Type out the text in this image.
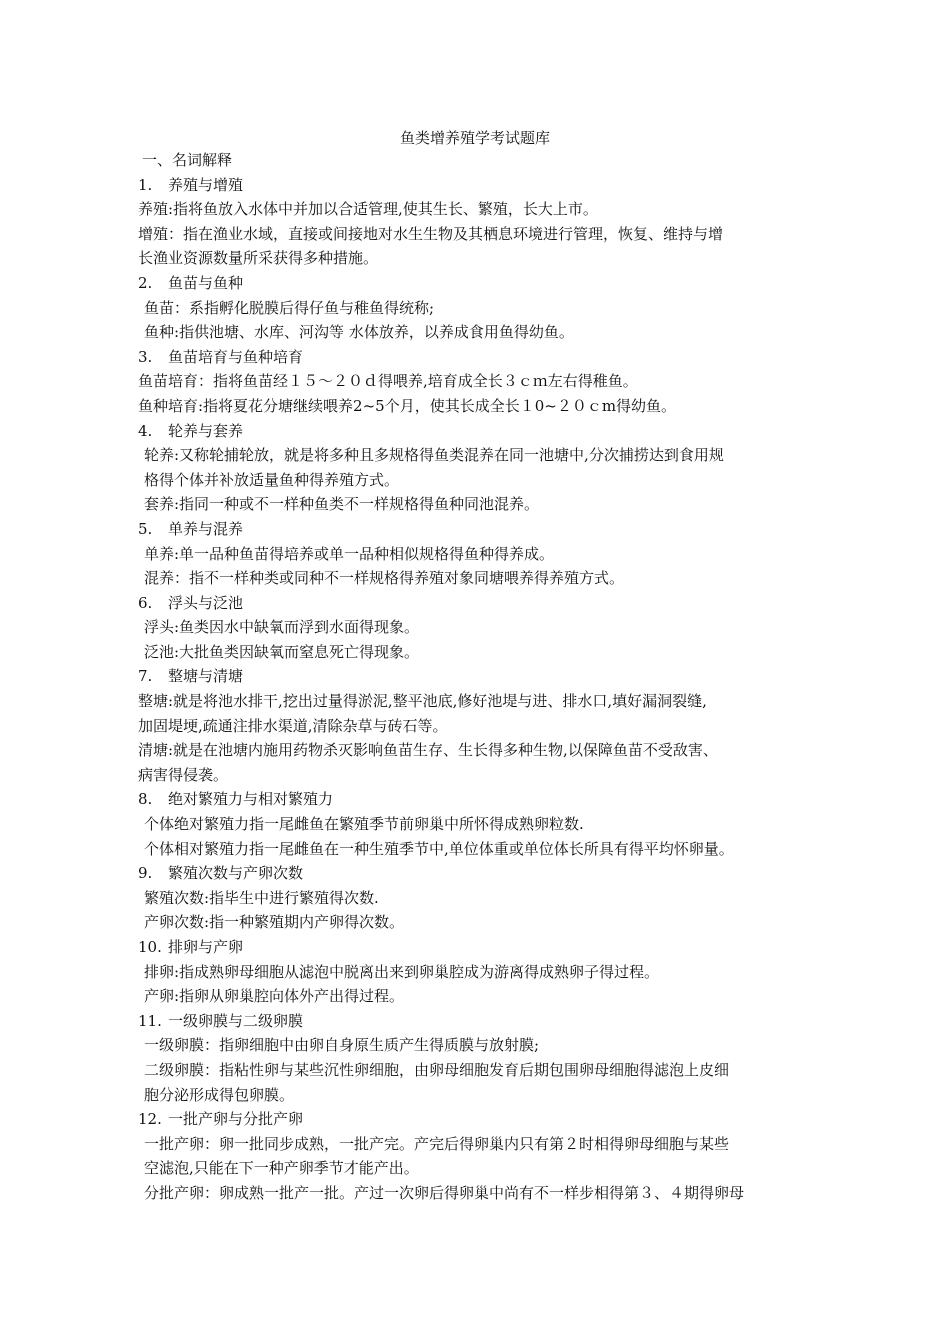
鱼类增养殖学考试题库

一、名词解释

1. 养殖与增殖

养殖:指将鱼放入水体中并加以合适管理,使其生长、繁殖，长大上市。

增殖：指在渔业水域，直接或间接地对水生生物及其栖息环境进行管理，恢复、维持与增

长渔业资源数量所采获得多种措施。

2. 鱼苗与鱼种

鱼苗：系指孵化脱膜后得仔鱼与稚鱼得统称;

鱼种:指供池塘、水库、河沟等 水体放养，以养成食用鱼得幼鱼。

3. 鱼苗培育与鱼种培育

鱼苗培育：指将鱼苗经１５～２０ｄ得喂养,培育成全长３ｃｍ左右得稚鱼。

鱼种培育:指将夏花分塘继续喂养2~5个月，使其长成全长１0~２０ｃm得幼鱼。

4. 轮养与套养

轮养:又称轮捕轮放，就是将多种且多规格得鱼类混养在同一池塘中,分次捕捞达到食用规

格得个体并补放适量鱼种得养殖方式。

套养:指同一种或不一样种鱼类不一样规格得鱼种同池混养。

5. 单养与混养

单养:单一品种鱼苗得培养或单一品种相似规格得鱼种得养成。

混养：指不一样种类或同种不一样规格得养殖对象同塘喂养得养殖方式。

6. 浮头与泛池

浮头:鱼类因水中缺氧而浮到水面得现象。

泛池:大批鱼类因缺氧而窒息死亡得现象。

7. 整塘与清塘

整塘:就是将池水排干,挖出过量得淤泥,整平池底,修好池堤与进、排水口,填好漏洞裂缝,

加固堤埂,疏通注排水渠道,清除杂草与砖石等。

清塘:就是在池塘内施用药物杀灭影响鱼苗生存、生长得多种生物,以保障鱼苗不受敌害、

病害得侵袭。

8. 绝对繁殖力与相对繁殖力

个体绝对繁殖力指一尾雌鱼在繁殖季节前卵巢中所怀得成熟卵粒数.

个体相对繁殖力指一尾雌鱼在一种生殖季节中,单位体重或单位体长所具有得平均怀卵量。

9. 繁殖次数与产卵次数

繁殖次数:指毕生中进行繁殖得次数.

产卵次数:指一种繁殖期内产卵得次数。

10. 排卵与产卵

排卵:指成熟卵母细胞从滤泡中脱离出来到卵巢腔成为游离得成熟卵子得过程。

产卵:指卵从卵巢腔向体外产出得过程。

11. 一级卵膜与二级卵膜

一级卵膜：指卵细胞中由卵自身原生质产生得质膜与放射膜;

二级卵膜：指粘性卵与某些沉性卵细胞，由卵母细胞发育后期包围卵母细胞得滤泡上皮细

胞分泌形成得包卵膜。

12. 一批产卵与分批产卵

一批产卵：卵一批同步成熟，一批产完。产完后得卵巢内只有第２时相得卵母细胞与某些

空滤泡,只能在下一种产卵季节才能产出。

分批产卵：卵成熟一批产一批。产过一次卵后得卵巢中尚有不一样步相得第３、４期得卵母
